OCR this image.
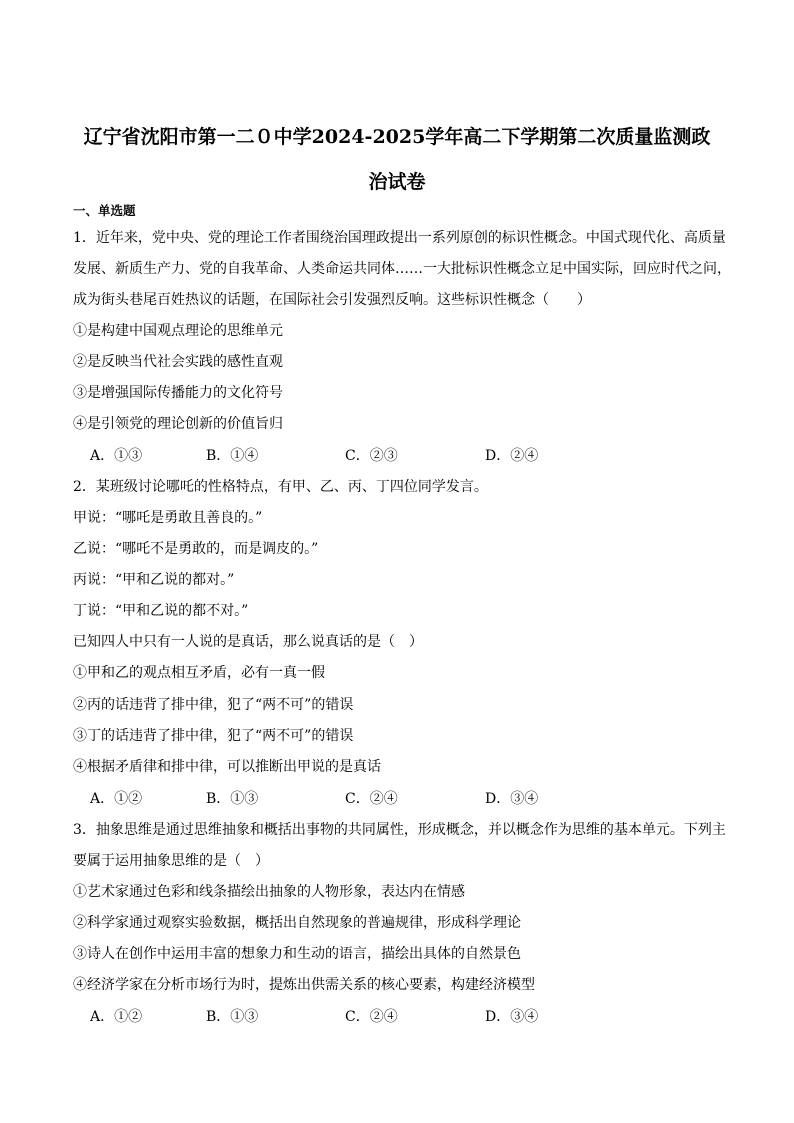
辽宁省沈阳市第一二０中学2024-2025学年高二下学期第二次质量监测政
治试卷
一、单选题
1．近年来，党中央、党的理论工作者围绕治国理政提出一系列原创的标识性概念。中国式现代化、高质量
发展、新质生产力、党的自我革命、人类命运共同体……一大批标识性概念立足中国实际，回应时代之问，
成为街头巷尾百姓热议的话题，在国际社会引发强烈反响。这些标识性概念（　　）
①是构建中国观点理论的思维单元
②是反映当代社会实践的感性直观
③是增强国际传播能力的文化符号
④是引领党的理论创新的价值旨归
A．①③	B．①④	C．②③	D．②④
2．某班级讨论哪吒的性格特点，有甲、乙、丙、丁四位同学发言。
甲说：“哪吒是勇敢且善良的。”
乙说：“哪吒不是勇敢的，而是调皮的。”
丙说：“甲和乙说的都对。”
丁说：“甲和乙说的都不对。”
已知四人中只有一人说的是真话，那么说真话的是（　）
①甲和乙的观点相互矛盾，必有一真一假
②丙的话违背了排中律，犯了“两不可”的错误
③丁的话违背了排中律，犯了“两不可”的错误
④根据矛盾律和排中律，可以推断出甲说的是真话
A．①②	B．①③	C．②④	D．③④
3．抽象思维是通过思维抽象和概括出事物的共同属性，形成概念，并以概念作为思维的基本单元。下列主
要属于运用抽象思维的是（　）
①艺术家通过色彩和线条描绘出抽象的人物形象，表达内在情感
②科学家通过观察实验数据，概括出自然现象的普遍规律，形成科学理论
③诗人在创作中运用丰富的想象力和生动的语言，描绘出具体的自然景色
④经济学家在分析市场行为时，提炼出供需关系的核心要素，构建经济模型
A．①②	B．①③	C．②④	D．③④
